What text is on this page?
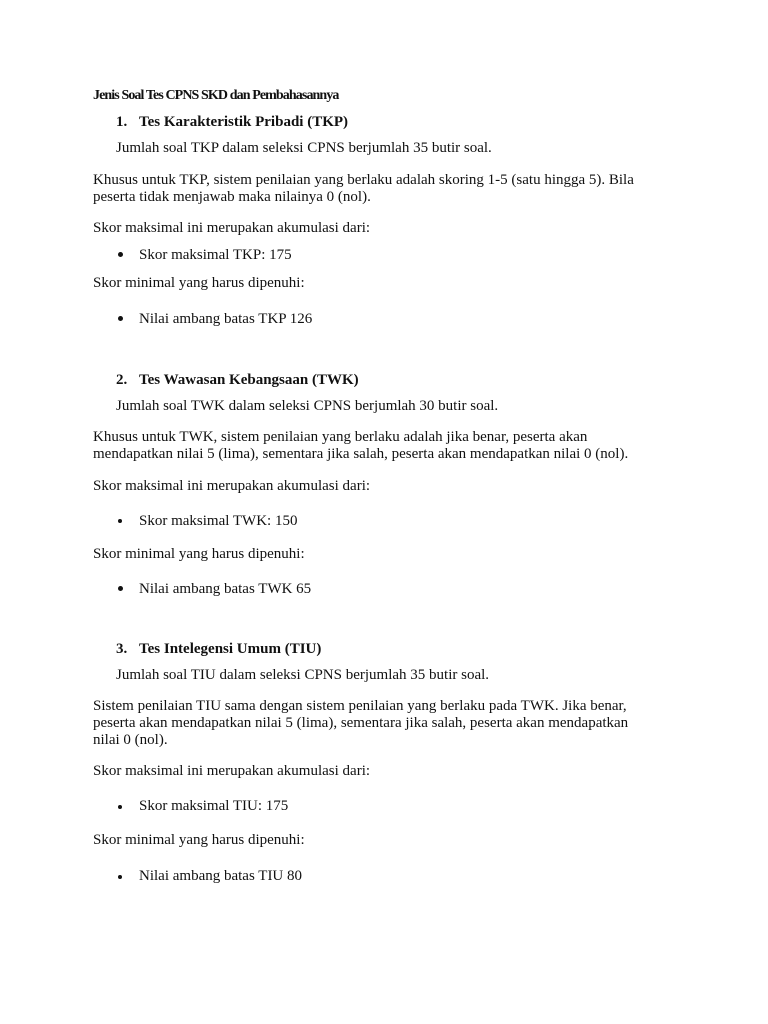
Jenis Soal Tes CPNS SKD dan Pembahasannya
1. Tes Karakteristik Pribadi (TKP)
Jumlah soal TKP dalam seleksi CPNS berjumlah 35 butir soal.
Khusus untuk TKP, sistem penilaian yang berlaku adalah skoring 1-5 (satu hingga 5). Bila
peserta tidak menjawab maka nilainya 0 (nol).
Skor maksimal ini merupakan akumulasi dari:
Skor maksimal TKP: 175
Skor minimal yang harus dipenuhi:
Nilai ambang batas TKP 126
2. Tes Wawasan Kebangsaan (TWK)
Jumlah soal TWK dalam seleksi CPNS berjumlah 30 butir soal.
Khusus untuk TWK, sistem penilaian yang berlaku adalah jika benar, peserta akan
mendapatkan nilai 5 (lima), sementara jika salah, peserta akan mendapatkan nilai 0 (nol).
Skor maksimal ini merupakan akumulasi dari:
Skor maksimal TWK: 150
Skor minimal yang harus dipenuhi:
Nilai ambang batas TWK 65
3. Tes Intelegensi Umum (TIU)
Jumlah soal TIU dalam seleksi CPNS berjumlah 35 butir soal.
Sistem penilaian TIU sama dengan sistem penilaian yang berlaku pada TWK. Jika benar,
peserta akan mendapatkan nilai 5 (lima), sementara jika salah, peserta akan mendapatkan
nilai 0 (nol).
Skor maksimal ini merupakan akumulasi dari:
Skor maksimal TIU: 175
Skor minimal yang harus dipenuhi:
Nilai ambang batas TIU 80
